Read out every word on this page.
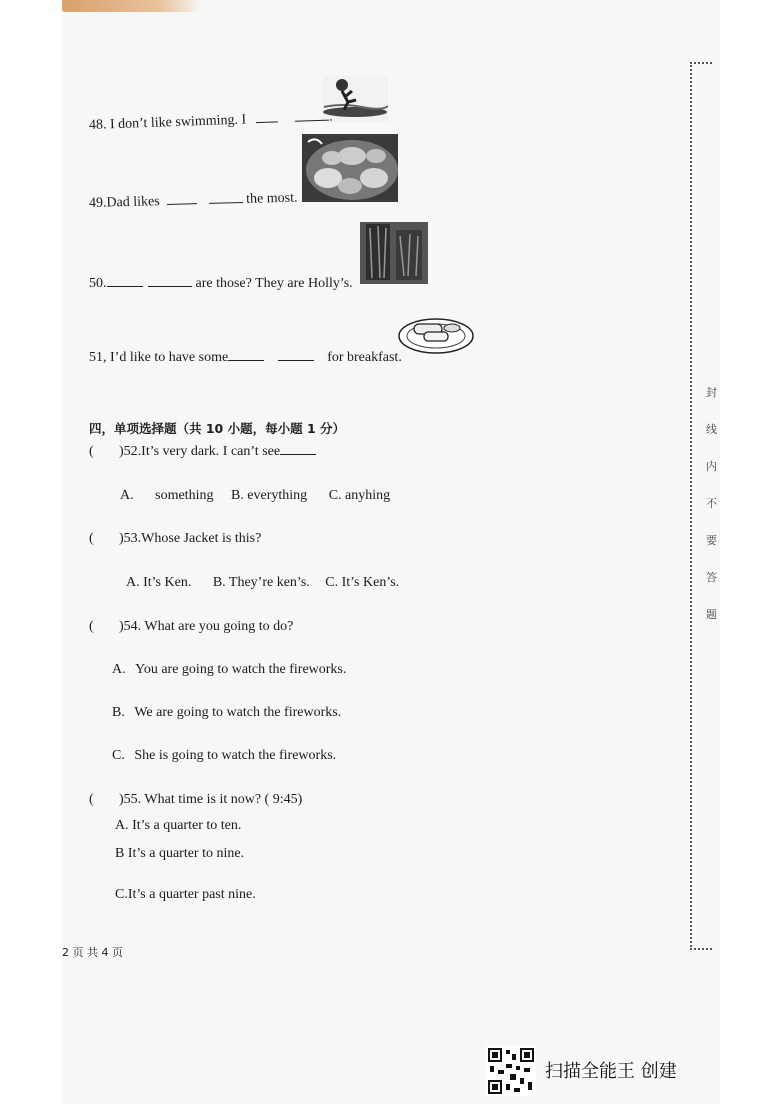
封
线
内
不
要
答
题
48. I don’t like swimming. I	.
49.Dad likes	the most.
50.	are those? They are Holly’s.
51, I’d like to have some	for breakfast.
四，单项选择题（共 10 小题，每小题 1 分）
( )52.It’s very dark. I can’t see
A. something B. everything C. anyhing
( )53.Whose Jacket is this?
A. It’s Ken. B. They’re ken’s. C. It’s Ken’s.
( )54. What are you going to do?
A. You are going to watch the fireworks.
B. We are going to watch the fireworks.
C. She is going to watch the fireworks.
( )55. What time is it now? ( 9:45)
A. It’s a quarter to ten.
B It’s a quarter to nine.
C.It’s a quarter past nine.
2 页 共 4 页
扫描全能王 创建
